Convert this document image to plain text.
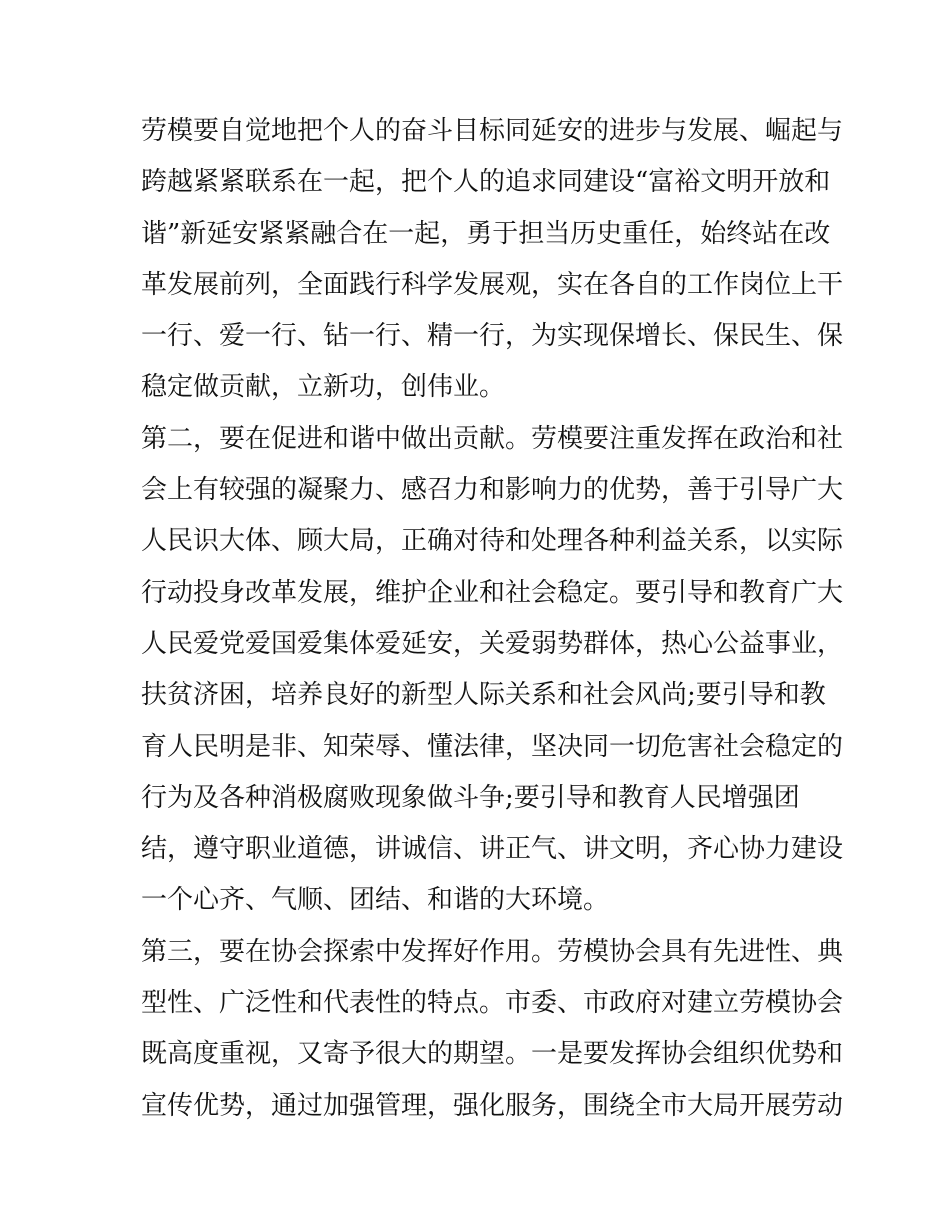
劳模要自觉地把个人的奋斗目标同延安的进步与发展、崛起与
跨越紧紧联系在一起，把个人的追求同建设“富裕文明开放和
谐”新延安紧紧融合在一起，勇于担当历史重任，始终站在改
革发展前列，全面践行科学发展观，实在各自的工作岗位上干
一行、爱一行、钻一行、精一行，为实现保增长、保民生、保
稳定做贡献，立新功，创伟业。
第二，要在促进和谐中做出贡献。劳模要注重发挥在政治和社
会上有较强的凝聚力、感召力和影响力的优势，善于引导广大
人民识大体、顾大局，正确对待和处理各种利益关系，以实际
行动投身改革发展，维护企业和社会稳定。要引导和教育广大
人民爱党爱国爱集体爱延安，关爱弱势群体，热心公益事业，
扶贫济困，培养良好的新型人际关系和社会风尚;要引导和教
育人民明是非、知荣辱、懂法律，坚决同一切危害社会稳定的
行为及各种消极腐败现象做斗争;要引导和教育人民增强团
结，遵守职业道德，讲诚信、讲正气、讲文明，齐心协力建设
一个心齐、气顺、团结、和谐的大环境。
第三，要在协会探索中发挥好作用。劳模协会具有先进性、典
型性、广泛性和代表性的特点。市委、市政府对建立劳模协会
既高度重视，又寄予很大的期望。一是要发挥协会组织优势和
宣传优势，通过加强管理，强化服务，围绕全市大局开展劳动
